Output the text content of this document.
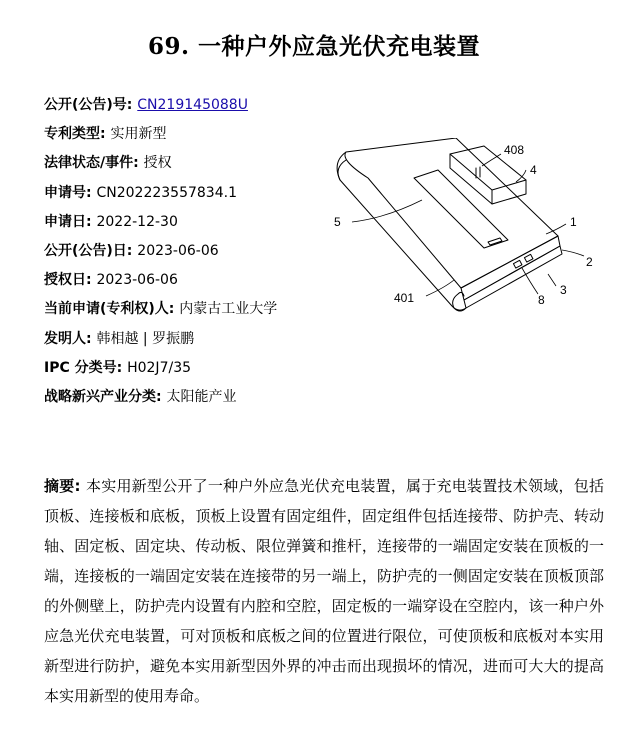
69. 一种户外应急光伏充电装置
公开(公告)号: CN219145088U
专利类型: 实用新型
法律状态/事件: 授权
申请号: CN202223557834.1
申请日: 2022-12-30
公开(公告)日: 2023-06-06
授权日: 2023-06-06
当前申请(专利权)人: 内蒙古工业大学
发明人: 韩相越 | 罗振鹏
IPC 分类号: H02J7/35
战略新兴产业分类: 太阳能产业
408
4
5	1
2
401
3
8
摘要: 本实用新型公开了一种户外应急光伏充电装置，属于充电装置技术领域，包括顶板、连接板和底板，顶板上设置有固定组件，固定组件包括连接带、防护壳、转动轴、固定板、固定块、传动板、限位弹簧和推杆，连接带的一端固定安装在顶板的一端，连接板的一端固定安装在连接带的另一端上，防护壳的一侧固定安装在顶板顶部的外侧壁上，防护壳内设置有内腔和空腔，固定板的一端穿设在空腔内，该一种户外应急光伏充电装置，可对顶板和底板之间的位置进行限位，可使顶板和底板对本实用新型进行防护，避免本实用新型因外界的冲击而出现损坏的情况，进而可大大的提高本实用新型的使用寿命。
